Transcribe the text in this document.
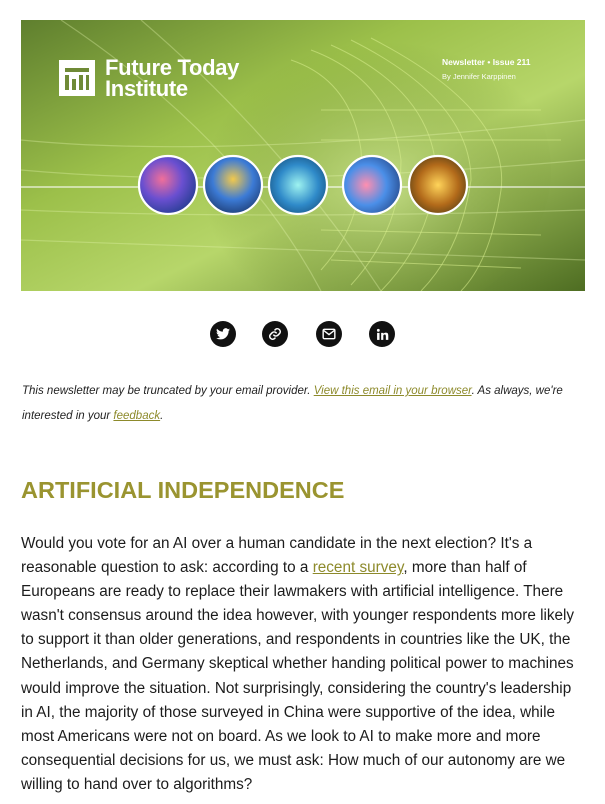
Future Today
Institute
Newsletter • Issue 211
By Jennifer Karppinen
This newsletter may be truncated by your email provider. View this email in your browser. As always, we're interested in your feedback.
ARTIFICIAL INDEPENDENCE

Would you vote for an AI over a human candidate in the next election? It's a reasonable question to ask: according to a recent survey, more than half of Europeans are ready to replace their lawmakers with artificial intelligence. There wasn't consensus around the idea however, with younger respondents more likely to support it than older generations, and respondents in countries like the UK, the Netherlands, and Germany skeptical whether handing political power to machines would improve the situation. Not surprisingly, considering the country's leadership in AI, the majority of those surveyed in China were supportive of the idea, while most Americans were not on board. As we look to AI to make more and more consequential decisions for us, we must ask: How much of our autonomy are we willing to hand over to algorithms?
